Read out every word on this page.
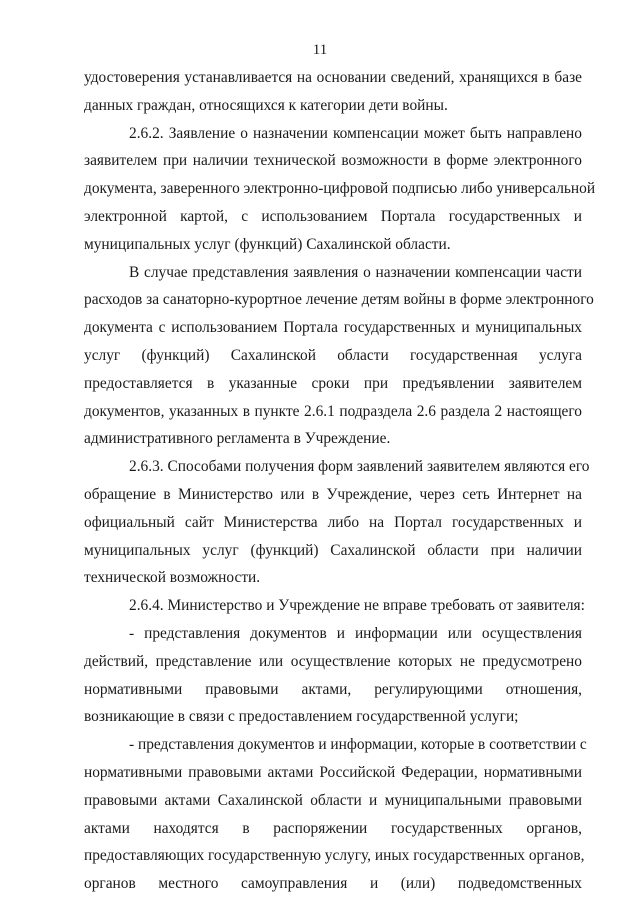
11
удостоверения устанавливается на основании сведений, хранящихся в базе
данных граждан, относящихся к категории дети войны.
2.6.2. Заявление о назначении компенсации может быть направлено
заявителем при наличии технической возможности в форме электронного
документа, заверенного электронно-цифровой подписью либо универсальной
электронной картой, с использованием Портала государственных и
муниципальных услуг (функций) Сахалинской области.
В случае представления заявления о назначении компенсации части
расходов за санаторно-курортное лечение детям войны в форме электронного
документа с использованием Портала государственных и муниципальных
услуг (функций) Сахалинской области государственная услуга
предоставляется в указанные сроки при предъявлении заявителем
документов, указанных в пункте 2.6.1 подраздела 2.6 раздела 2 настоящего
административного регламента в Учреждение.
2.6.3. Способами получения форм заявлений заявителем являются его
обращение в Министерство или в Учреждение, через сеть Интернет на
официальный сайт Министерства либо на Портал государственных и
муниципальных услуг (функций) Сахалинской области при наличии
технической возможности.
2.6.4. Министерство и Учреждение не вправе требовать от заявителя:
- представления документов и информации или осуществления
действий, представление или осуществление которых не предусмотрено
нормативными правовыми актами, регулирующими отношения,
возникающие в связи с предоставлением государственной услуги;
- представления документов и информации, которые в соответствии с
нормативными правовыми актами Российской Федерации, нормативными
правовыми актами Сахалинской области и муниципальными правовыми
актами находятся в распоряжении государственных органов,
предоставляющих государственную услугу, иных государственных органов,
органов местного самоуправления и (или) подведомственных
